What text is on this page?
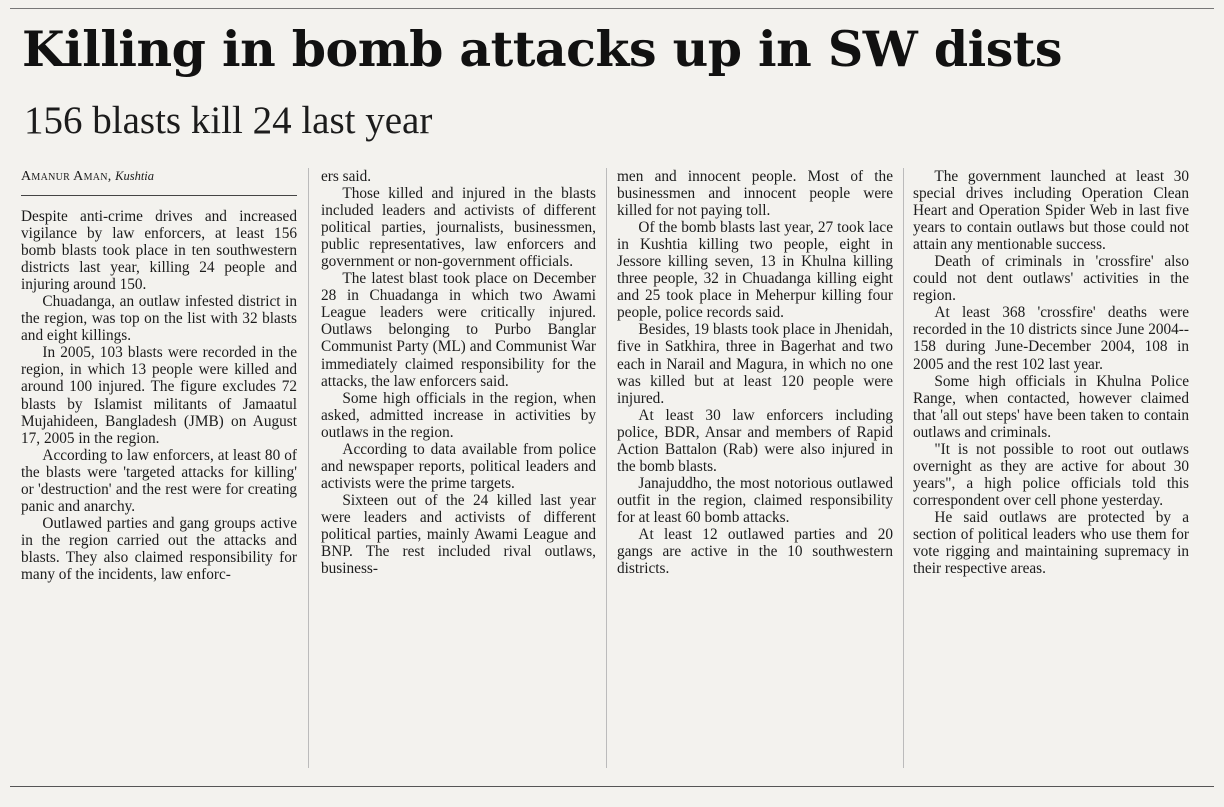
Killing in bomb attacks up in SW dists
156 blasts kill 24 last year
Amanur Aman, Kushtia

Despite anti-crime drives and increased vigilance by law enforcers, at least 156 bomb blasts took place in ten southwestern districts last year, killing 24 people and injuring around 150.

Chuadanga, an outlaw infested district in the region, was top on the list with 32 blasts and eight killings.

In 2005, 103 blasts were recorded in the region, in which 13 people were killed and around 100 injured. The figure excludes 72 blasts by Islamist militants of Jamaatul Mujahideen, Bangladesh (JMB) on August 17, 2005 in the region.

According to law enforcers, at least 80 of the blasts were 'targeted attacks for killing' or 'destruction' and the rest were for creating panic and anarchy.

Outlawed parties and gang groups active in the region carried out the attacks and blasts. They also claimed responsibility for many of the incidents, law enforc-

ers said.

Those killed and injured in the blasts included leaders and activists of different political parties, journalists, businessmen, public representatives, law enforcers and government or non-government officials.

The latest blast took place on December 28 in Chuadanga in which two Awami League leaders were critically injured. Outlaws belonging to Purbo Banglar Communist Party (ML) and Communist War immediately claimed responsibility for the attacks, the law enforcers said.

Some high officials in the region, when asked, admitted increase in activities by outlaws in the region.

According to data available from police and newspaper reports, political leaders and activists were the prime targets.

Sixteen out of the 24 killed last year were leaders and activists of different political parties, mainly Awami League and BNP. The rest included rival outlaws, business-

men and innocent people. Most of the businessmen and innocent people were killed for not paying toll.

Of the bomb blasts last year, 27 took lace in Kushtia killing two people, eight in Jessore killing seven, 13 in Khulna killing three people, 32 in Chuadanga killing eight and 25 took place in Meherpur killing four people, police records said.

Besides, 19 blasts took place in Jhenidah, five in Satkhira, three in Bagerhat and two each in Narail and Magura, in which no one was killed but at least 120 people were injured.

At least 30 law enforcers including police, BDR, Ansar and members of Rapid Action Battalon (Rab) were also injured in the bomb blasts.

Janajuddho, the most notorious outlawed outfit in the region, claimed responsibility for at least 60 bomb attacks.

At least 12 outlawed parties and 20 gangs are active in the 10 southwestern districts.

The government launched at least 30 special drives including Operation Clean Heart and Operation Spider Web in last five years to contain outlaws but those could not attain any mentionable success.

Death of criminals in 'crossfire' also could not dent outlaws' activities in the region.

At least 368 'crossfire' deaths were recorded in the 10 districts since June 2004-- 158 during June-December 2004, 108 in 2005 and the rest 102 last year.

Some high officials in Khulna Police Range, when contacted, however claimed that 'all out steps' have been taken to contain outlaws and criminals.

"It is not possible to root out outlaws overnight as they are active for about 30 years", a high police officials told this correspondent over cell phone yesterday.

He said outlaws are protected by a section of political leaders who use them for vote rigging and maintaining supremacy in their respective areas.
